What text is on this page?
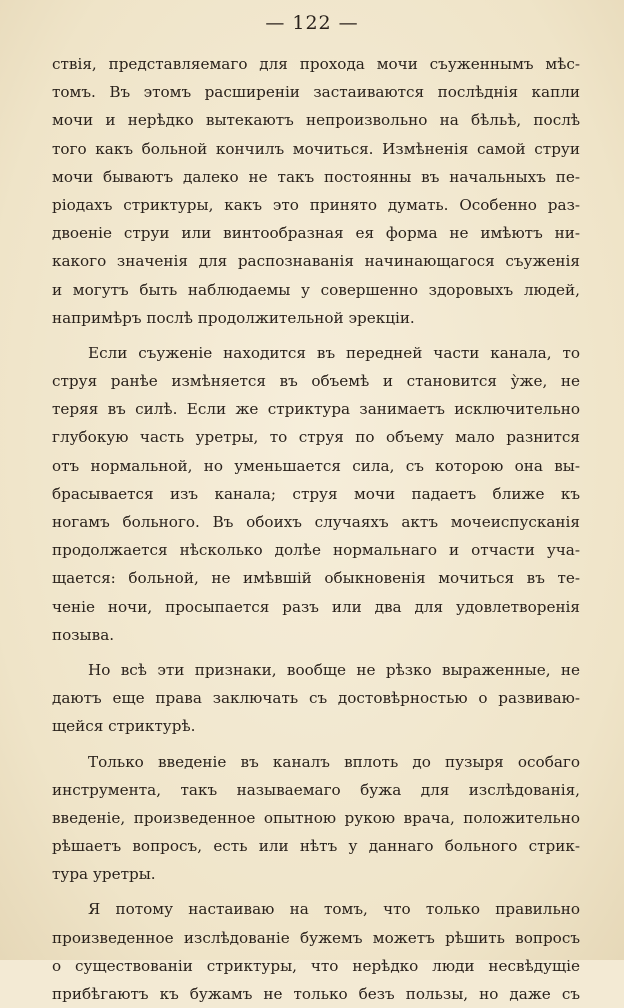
— 122 —
ствія, представляемаго для прохода мочи съуженнымъ мѣс-
томъ. Въ этомъ расширеніи застаиваются послѣднія капли
мочи и нерѣдко вытекаютъ непроизвольно на бѣльѣ, послѣ
того какъ больной кончилъ мочиться. Измѣненія самой струи
мочи бываютъ далеко не такъ постоянны въ начальныхъ пе-
ріодахъ стриктуры, какъ это принято думать. Особенно раз-
двоеніе струи или винтообразная ея форма не имѣютъ ни-
какого значенія для распознаванія начинающагося съуженія
и могутъ быть наблюдаемы у совершенно здоровыхъ людей,
напримѣръ послѣ продолжительной эрекціи.
Если съуженіе находится въ передней части канала, то
струя ранѣе измѣняется въ объемѣ и становится у̀же, не
теряя въ силѣ. Если же стриктура занимаетъ исключительно
глубокую часть уретры, то струя по объему мало разнится
отъ нормальной, но уменьшается сила, съ которою она вы-
брасывается изъ канала; струя мочи падаетъ ближе къ
ногамъ больного. Въ обоихъ случаяхъ актъ мочеиспусканія
продолжается нѣсколько долѣе нормальнаго и отчасти уча-
щается: больной, не имѣвшій обыкновенія мочиться въ те-
ченіе ночи, просыпается разъ или два для удовлетворенія
позыва.
Но всѣ эти признаки, вообще не рѣзко выраженные, не
даютъ еще права заключать съ достовѣрностью о развиваю-
щейся стриктурѣ.
Только введеніе въ каналъ вплоть до пузыря особаго
инструмента, такъ называемаго бужа для изслѣдованія,
введеніе, произведенное опытною рукою врача, положительно
рѣшаетъ вопросъ, есть или нѣтъ у даннаго больного стрик-
тура уретры.
Я потому настаиваю на томъ, что только правильно
произведенное изслѣдованіе бужемъ можетъ рѣшить вопросъ
о существованіи стриктуры, что нерѣдко люди несвѣдущіе
прибѣгаютъ къ бужамъ не только безъ пользы, но даже съ
